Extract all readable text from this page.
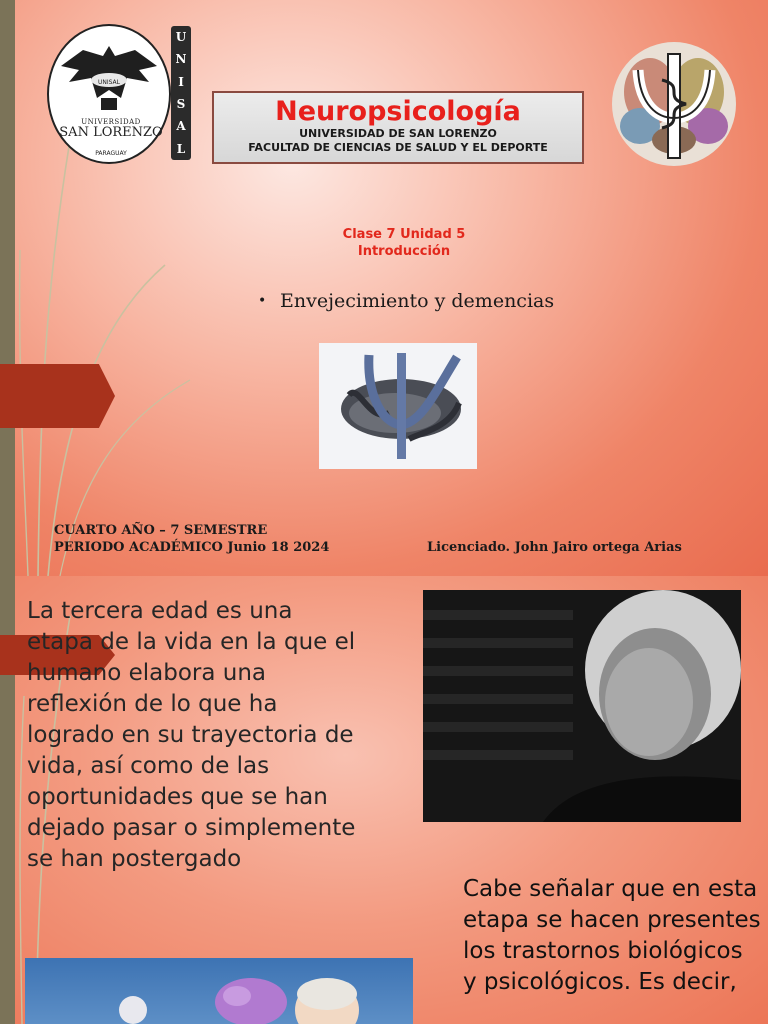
UNISAL
UNIVERSIDAD
SAN LORENZO
PARAGUAY
U
N
I
S
A
L
Neuropsicología
UNIVERSIDAD DE SAN LORENZO
FACULTAD DE CIENCIAS DE SALUD Y EL DEPORTE
Clase 7 Unidad 5
Introducción
• Envejecimiento y demencias
CUARTO AÑO – 7 SEMESTRE
PERIODO ACADÉMICO Junio 18 2024	Licenciado. John Jairo ortega Arias
La tercera edad es una etapa de la vida en la que el humano elabora una reflexión de lo que ha logrado en su trayectoria de vida, así como de las oportunidades que se han dejado pasar o simplemente se han postergado
Cabe señalar que en esta etapa se hacen presentes los trastornos biológicos y psicológicos. Es decir,
